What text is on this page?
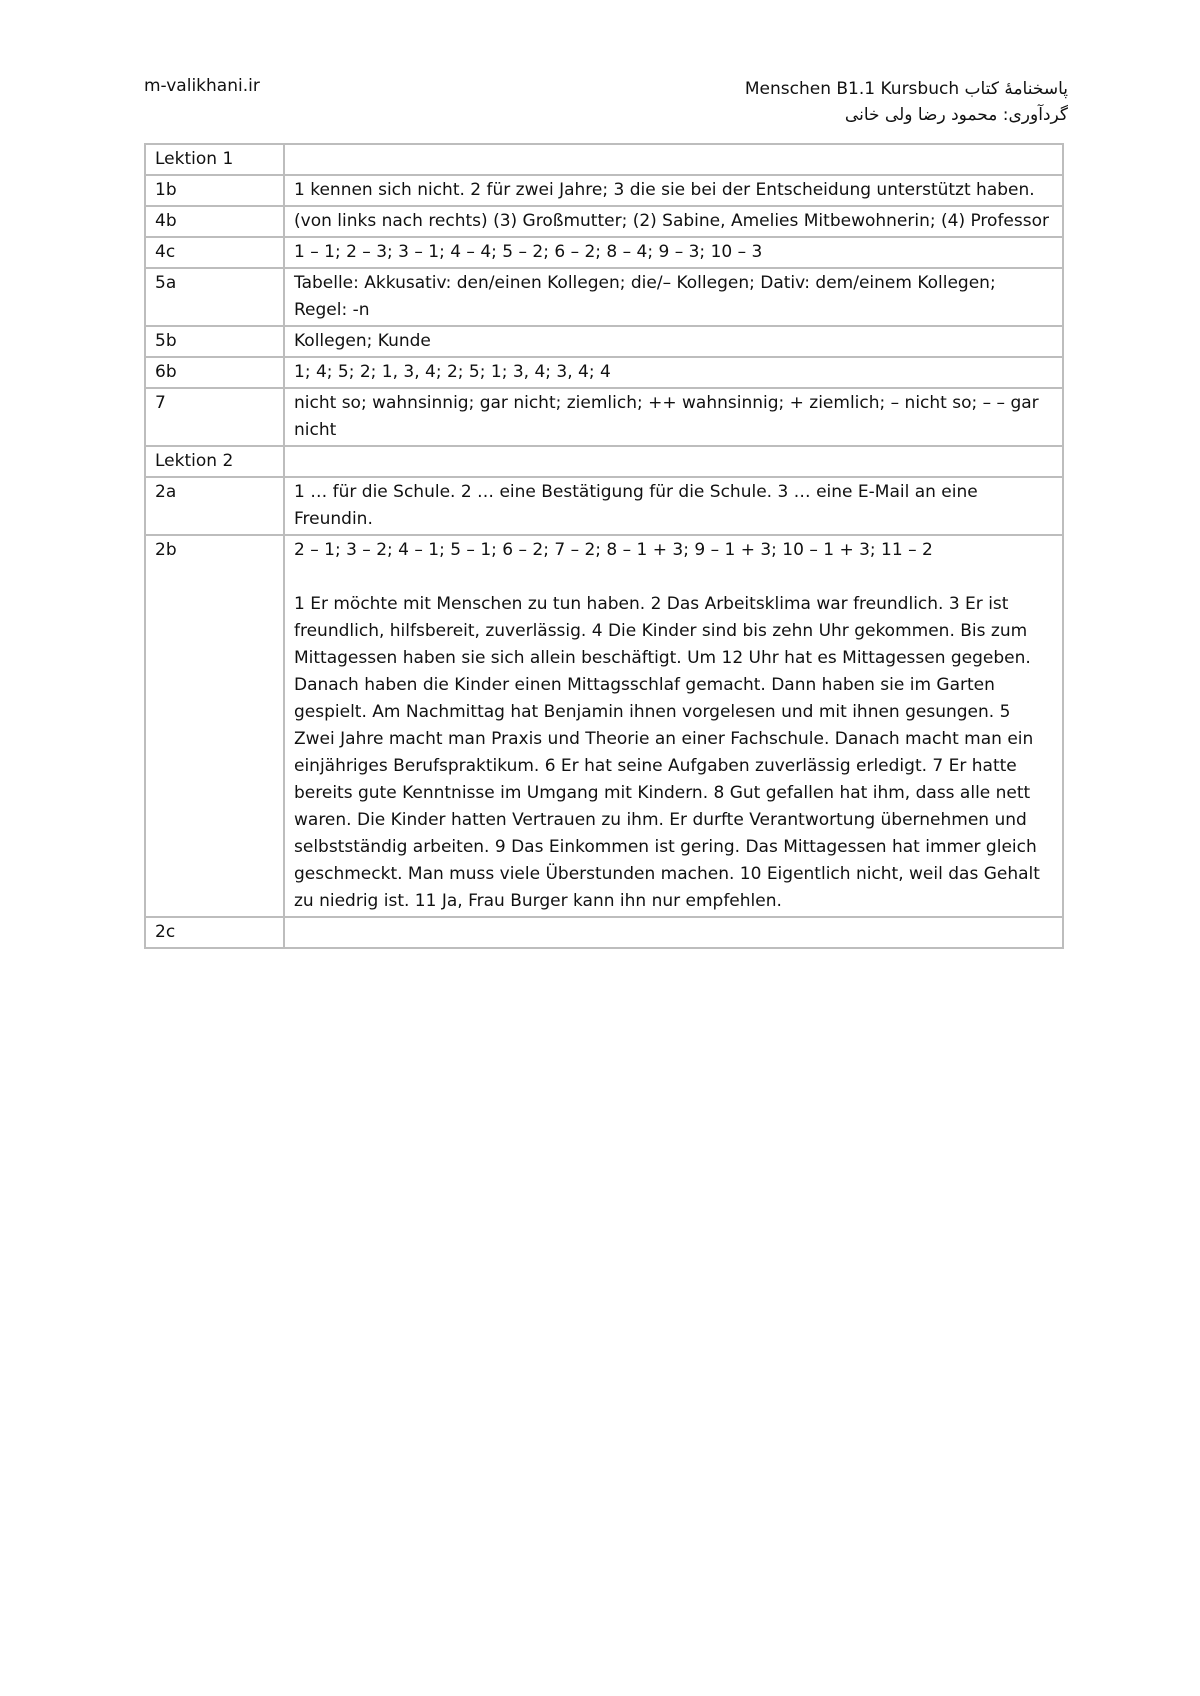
m-valikhani.ir	Menschen B1.1 Kursbuch پاسخنامهٔ کتاب
گردآوری: محمود رضا ولی خانی
Lektion 1	
1b	1 kennen sich nicht. 2 für zwei Jahre; 3 die sie bei der Entscheidung unterstützt haben.
4b	(von links nach rechts) (3) Großmutter; (2) Sabine, Amelies Mitbewohnerin; (4) Professor
4c	1 – 1; 2 – 3; 3 – 1; 4 – 4; 5 – 2; 6 – 2; 8 – 4; 9 – 3; 10 – 3
5a	Tabelle: Akkusativ: den/einen Kollegen; die/– Kollegen; Dativ: dem/einem Kollegen; Regel: -n
5b	Kollegen; Kunde
6b	1; 4; 5; 2; 1, 3, 4; 2; 5; 1; 3, 4; 3, 4; 4
7	nicht so; wahnsinnig; gar nicht; ziemlich; ++ wahnsinnig; + ziemlich; – nicht so; – – gar nicht
Lektion 2	
2a	1 … für die Schule. 2 … eine Bestätigung für die Schule. 3 … eine E-Mail an eine Freundin.
2b	2 – 1; 3 – 2; 4 – 1; 5 – 1; 6 – 2; 7 – 2; 8 – 1 + 3; 9 – 1 + 3; 10 – 1 + 3; 11 – 2

1 Er möchte mit Menschen zu tun haben. 2 Das Arbeitsklima war freundlich. 3 Er ist freundlich, hilfsbereit, zuverlässig. 4 Die Kinder sind bis zehn Uhr gekommen. Bis zum Mittagessen haben sie sich allein beschäftigt. Um 12 Uhr hat es Mittagessen gegeben. Danach haben die Kinder einen Mittagsschlaf gemacht. Dann haben sie im Garten gespielt. Am Nachmittag hat Benjamin ihnen vorgelesen und mit ihnen gesungen. 5 Zwei Jahre macht man Praxis und Theorie an einer Fachschule. Danach macht man ein einjähriges Berufspraktikum. 6 Er hat seine Aufgaben zuverlässig erledigt. 7 Er hatte bereits gute Kenntnisse im Umgang mit Kindern. 8 Gut gefallen hat ihm, dass alle nett waren. Die Kinder hatten Vertrauen zu ihm. Er durfte Verantwortung übernehmen und selbstständig arbeiten. 9 Das Einkommen ist gering. Das Mittagessen hat immer gleich geschmeckt. Man muss viele Überstunden machen. 10 Eigentlich nicht, weil das Gehalt zu niedrig ist. 11 Ja, Frau Burger kann ihn nur empfehlen.
2c	
